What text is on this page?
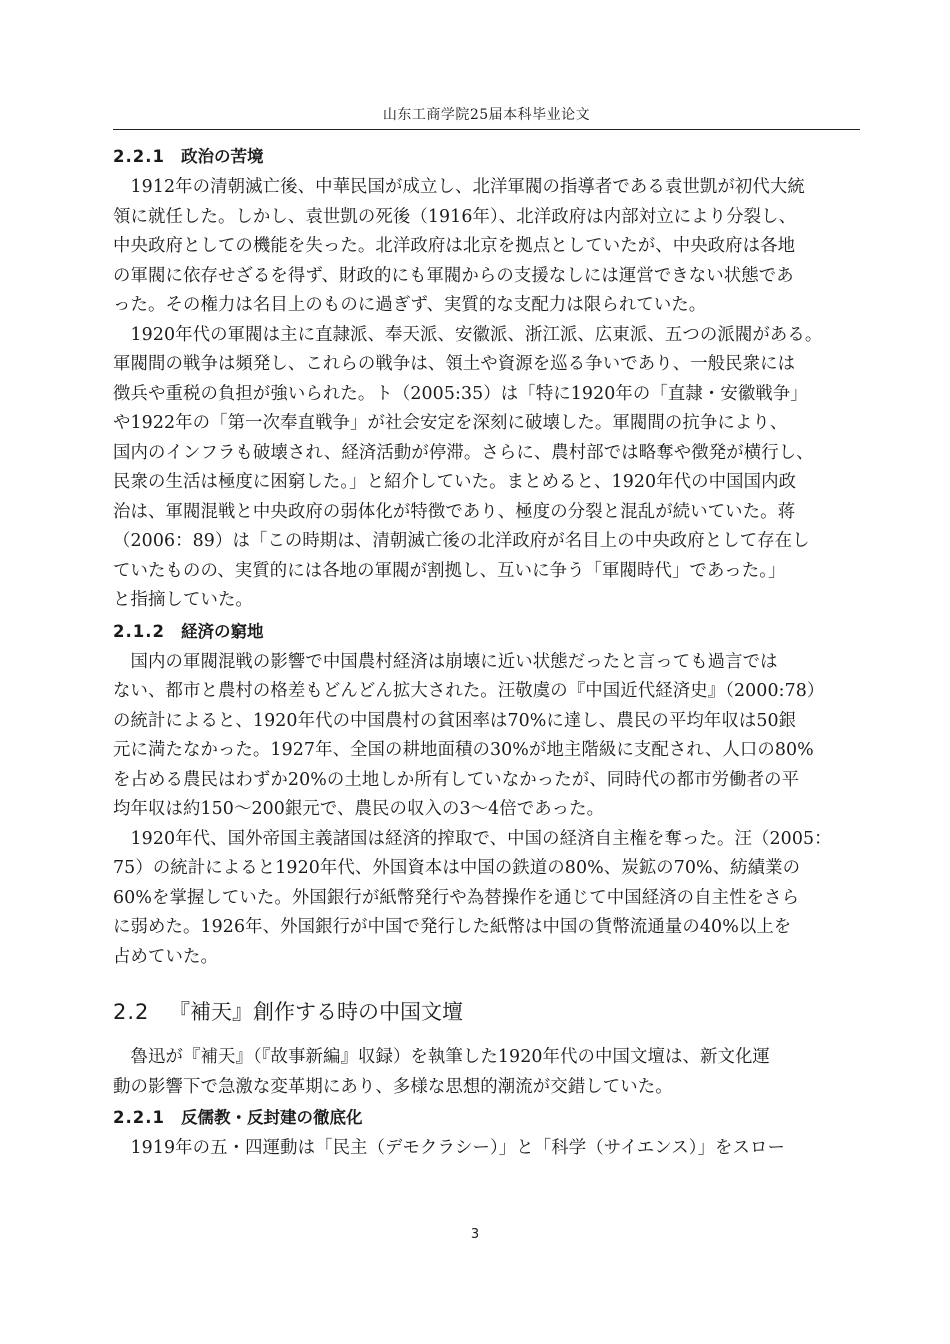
山东工商学院25届本科毕业论文
2.2.1 政治の苦境
　1912年の清朝滅亡後、中華民国が成立し、北洋軍閥の指導者である袁世凱が初代大統
領に就任した。しかし、袁世凱の死後（1916年）、北洋政府は内部対立により分裂し、
中央政府としての機能を失った。北洋政府は北京を拠点としていたが、中央政府は各地
の軍閥に依存せざるを得ず、財政的にも軍閥からの支援なしには運営できない状態であ
った。その権力は名目上のものに過ぎず、実質的な支配力は限られていた。
　1920年代の軍閥は主に直隷派、奉天派、安徽派、浙江派、広東派、五つの派閥がある。
軍閥間の戦争は頻発し、これらの戦争は、領土や資源を巡る争いであり、一般民衆には
徴兵や重税の負担が強いられた。ト（2005:35）は「特に1920年の「直隷・安徽戦争」
や1922年の「第一次奉直戦争」が社会安定を深刻に破壊した。軍閥間の抗争により、
国内のインフラも破壊され、経済活動が停滞。さらに、農村部では略奪や徴発が横行し、
民衆の生活は極度に困窮した。」と紹介していた。まとめると、1920年代の中国国内政
治は、軍閥混戦と中央政府の弱体化が特徴であり、極度の分裂と混乱が続いていた。蒋
（2006：89）は「この時期は、清朝滅亡後の北洋政府が名目上の中央政府として存在し
ていたものの、実質的には各地の軍閥が割拠し、互いに争う「軍閥時代」であった。」
と指摘していた。
2.1.2 経済の窮地
　国内の軍閥混戦の影響で中国農村経済は崩壊に近い状態だったと言っても過言では
ない、都市と農村の格差もどんどん拡大された。汪敬虞の『中国近代経済史』（2000:78）
の統計によると、1920年代の中国農村の貧困率は70%に達し、農民の平均年収は50銀
元に満たなかった。1927年、全国の耕地面積の30%が地主階級に支配され、人口の80%
を占める農民はわずか20%の土地しか所有していなかったが、同時代の都市労働者の平
均年収は約150～200銀元で、農民の収入の3～4倍であった。
　1920年代、国外帝国主義諸国は経済的搾取で、中国の経済自主権を奪った。汪（2005：
75）の統計によると1920年代、外国資本は中国の鉄道の80%、炭鉱の70%、紡績業の
60%を掌握していた。外国銀行が紙幣発行や為替操作を通じて中国経済の自主性をさら
に弱めた。1926年、外国銀行が中国で発行した紙幣は中国の貨幣流通量の40%以上を
占めていた。
2.2 『補天』創作する時の中国文壇
　魯迅が『補天』（『故事新編』収録）を執筆した1920年代の中国文壇は、新文化運
動の影響下で急激な変革期にあり、多様な思想的潮流が交錯していた。
2.2.1 反儒教・反封建の徹底化
　1919年の五・四運動は「民主（デモクラシー）」と「科学（サイエンス）」をスロー
3
